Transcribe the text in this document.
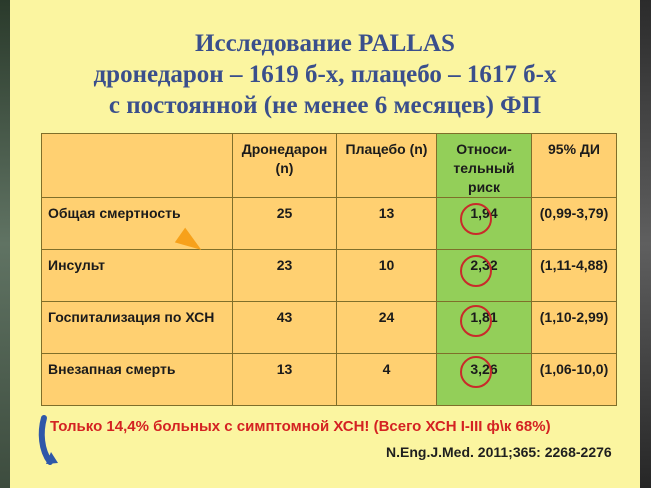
Исследование PALLAS
дронедарон – 1619 б-х, плацебо – 1617 б-х
с постоянной (не менее 6 месяцев) ФП
	Дронедарон (n)	Плацебо (n)	Относи-тельный риск	95% ДИ
Общая смертность	25	13	1,94	(0,99-3,79)
Инсульт	23	10	2,32	(1,11-4,88)
Госпитализация по ХСН	43	24	1,81	(1,10-2,99)
Внезапная смерть	13	4	3,26	(1,06-10,0)
Только 14,4% больных с симптомной ХСН! (Всего ХСН I-III ф\к 68%)
N.Eng.J.Med. 2011;365: 2268-2276
